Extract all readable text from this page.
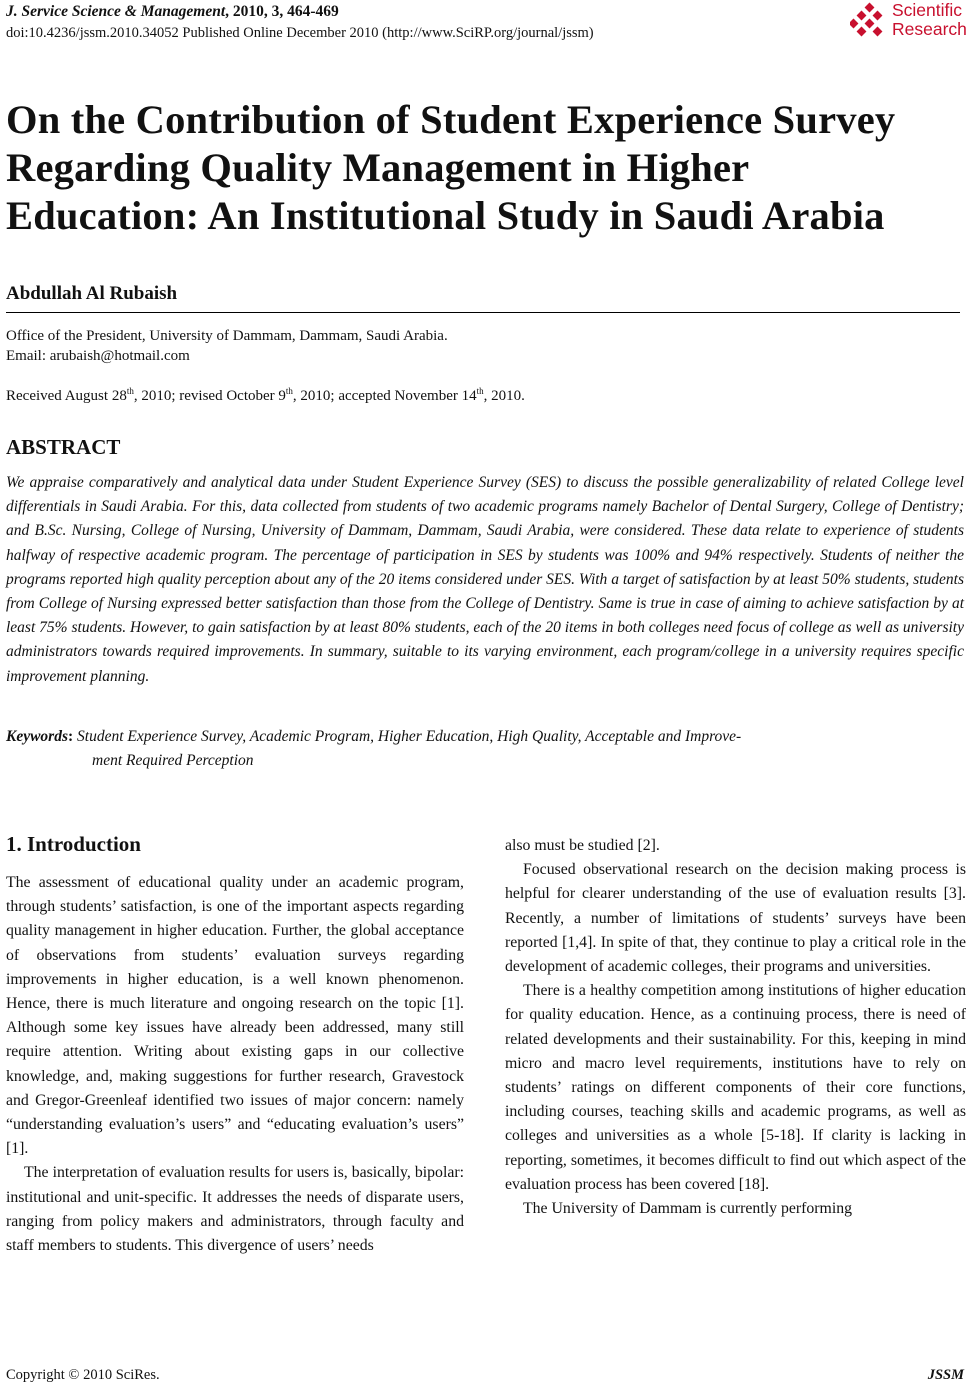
J. Service Science & Management, 2010, 3, 464-469
doi:10.4236/jssm.2010.34052 Published Online December 2010 (http://www.SciRP.org/journal/jssm)
Scientific
Research
On the Contribution of Student Experience Survey
Regarding Quality Management in Higher
Education: An Institutional Study in Saudi Arabia
Abdullah Al Rubaish
Office of the President, University of Dammam, Dammam, Saudi Arabia.
Email: arubaish@hotmail.com
Received August 28th, 2010; revised October 9th, 2010; accepted November 14th, 2010.
ABSTRACT
We appraise comparatively and analytical data under Student Experience Survey (SES) to discuss the possible generalizability of related College level differentials in Saudi Arabia. For this, data collected from students of two academic programs namely Bachelor of Dental Surgery, College of Dentistry; and B.Sc. Nursing, College of Nursing, University of Dammam, Dammam, Saudi Arabia, were considered. These data relate to experience of students halfway of respective academic program. The percentage of participation in SES by students was 100% and 94% respectively. Students of neither the programs reported high quality perception about any of the 20 items considered under SES. With a target of satisfaction by at least 50% students, students from College of Nursing expressed better satisfaction than those from the College of Dentistry. Same is true in case of aiming to achieve satisfaction by at least 75% students. However, to gain satisfaction by at least 80% students, each of the 20 items in both colleges need focus of college as well as university administrators towards required improvements. In summary, suitable to its varying environment, each program/college in a university requires specific improvement planning.
Keywords: Student Experience Survey, Academic Program, Higher Education, High Quality, Acceptable and Improve-
ment Required Perception
1. Introduction

The assessment of educational quality under an academic program, through students’ satisfaction, is one of the important aspects regarding quality management in higher education. Further, the global acceptance of observations from students’ evaluation surveys regarding improvements in higher education, is a well known phenomenon. Hence, there is much literature and ongoing research on the topic [1]. Although some key issues have already been addressed, many still require attention. Writing about existing gaps in our collective knowledge, and, making suggestions for further research, Gravestock and Gregor-Greenleaf identified two issues of major concern: namely “understanding evaluation’s users” and “educating evaluation’s users” [1].

The interpretation of evaluation results for users is, basically, bipolar: institutional and unit-specific. It addresses the needs of disparate users, ranging from policy makers and administrators, through faculty and staff members to students. This divergence of users’ needs

also must be studied [2].

Focused observational research on the decision making process is helpful for clearer understanding of the use of evaluation results [3]. Recently, a number of limitations of students’ surveys have been reported [1,4]. In spite of that, they continue to play a critical role in the development of academic colleges, their programs and universities.

There is a healthy competition among institutions of higher education for quality education. Hence, as a continuing process, there is need of related developments and their sustainability. For this, keeping in mind micro and macro level requirements, institutions have to rely on students’ ratings on different components of their core functions, including courses, teaching skills and academic programs, as well as colleges and universities as a whole [5-18]. If clarity is lacking in reporting, sometimes, it becomes difficult to find out which aspect of the evaluation process has been covered [18].

The University of Dammam is currently performing

Copyright © 2010 SciRes.	JSSM
